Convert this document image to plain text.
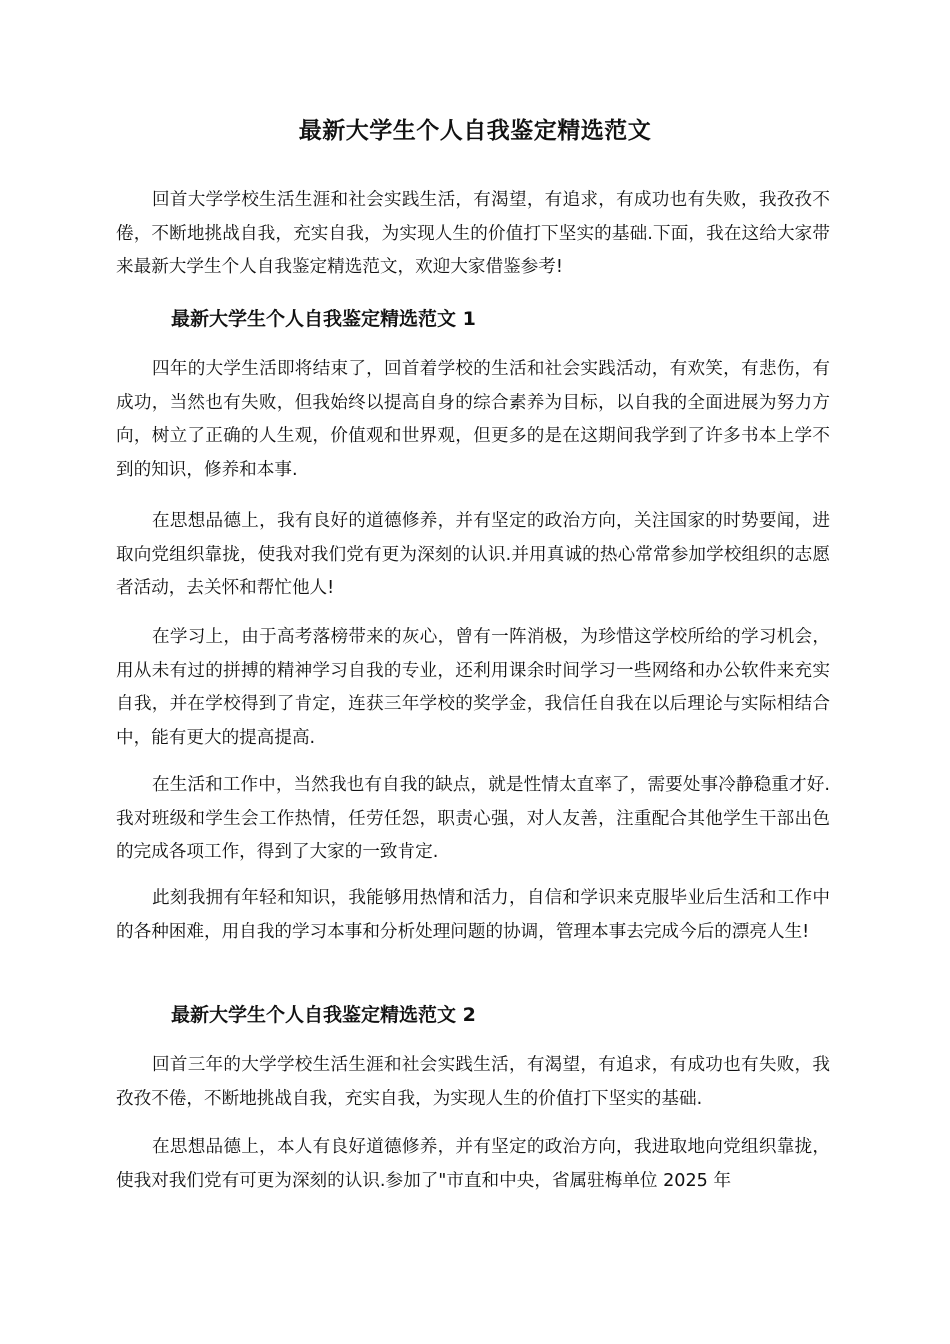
最新大学生个人自我鉴定精选范文

回首大学学校生活生涯和社会实践生活，有渴望，有追求，有成功也有失败，我孜孜不倦，不断地挑战自我，充实自我，为实现人生的价值打下坚实的基础.下面，我在这给大家带来最新大学生个人自我鉴定精选范文，欢迎大家借鉴参考!

最新大学生个人自我鉴定精选范文 1

四年的大学生活即将结束了，回首着学校的生活和社会实践活动，有欢笑，有悲伤，有成功，当然也有失败，但我始终以提高自身的综合素养为目标，以自我的全面进展为努力方向，树立了正确的人生观，价值观和世界观，但更多的是在这期间我学到了许多书本上学不到的知识，修养和本事.

在思想品德上，我有良好的道德修养，并有坚定的政治方向，关注国家的时势要闻，进取向党组织靠拢，使我对我们党有更为深刻的认识.并用真诚的热心常常参加学校组织的志愿者活动，去关怀和帮忙他人!

在学习上，由于高考落榜带来的灰心，曾有一阵消极，为珍惜这学校所给的学习机会，用从未有过的拼搏的精神学习自我的专业，还利用课余时间学习一些网络和办公软件来充实自我，并在学校得到了肯定，连获三年学校的奖学金，我信任自我在以后理论与实际相结合中，能有更大的提高提高.

在生活和工作中，当然我也有自我的缺点，就是性情太直率了，需要处事冷静稳重才好.我对班级和学生会工作热情，任劳任怨，职责心强，对人友善，注重配合其他学生干部出色的完成各项工作，得到了大家的一致肯定.

此刻我拥有年轻和知识，我能够用热情和活力，自信和学识来克服毕业后生活和工作中的各种困难，用自我的学习本事和分析处理问题的协调，管理本事去完成今后的漂亮人生!

最新大学生个人自我鉴定精选范文 2

回首三年的大学学校生活生涯和社会实践生活，有渴望，有追求，有成功也有失败，我孜孜不倦，不断地挑战自我，充实自我，为实现人生的价值打下坚实的基础.

在思想品德上，本人有良好道德修养，并有坚定的政治方向，我进取地向党组织靠拢，使我对我们党有可更为深刻的认识.参加了"市直和中央，省属驻梅单位 2025 年
